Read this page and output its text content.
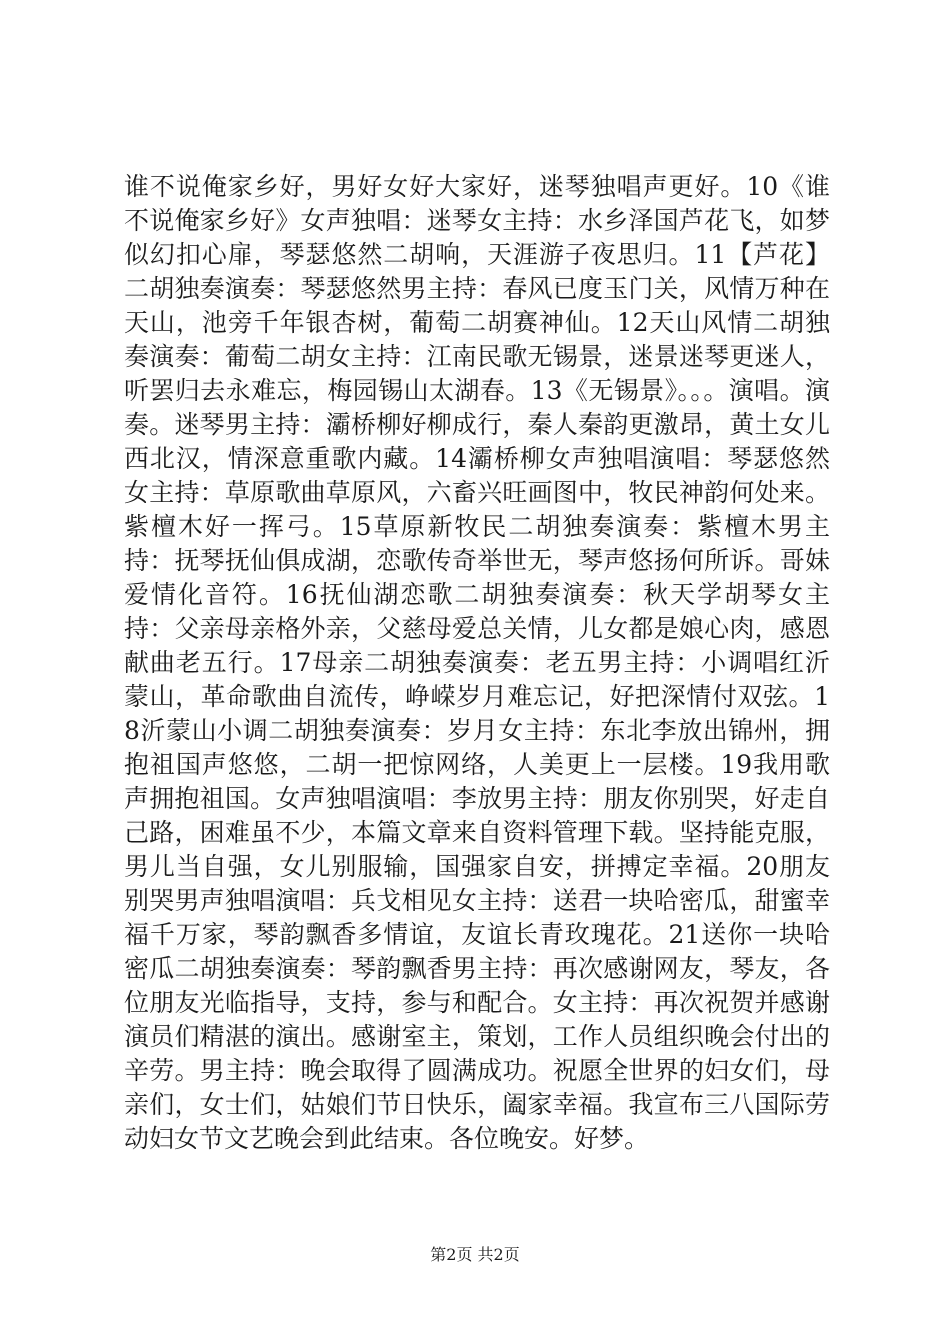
谁不说俺家乡好，男好女好大家好，迷琴独唱声更好。10《谁不说俺家乡好》女声独唱：迷琴女主持：水乡泽国芦花飞，如梦似幻扣心扉，琴瑟悠然二胡响，天涯游子夜思归。11【芦花】二胡独奏演奏：琴瑟悠然男主持：春风已度玉门关，风情万种在天山，池旁千年银杏树，葡萄二胡赛神仙。12天山风情二胡独奏演奏：葡萄二胡女主持：江南民歌无锡景，迷景迷琴更迷人，听罢归去永难忘，梅园锡山太湖春。13《无锡景》。。。演唱。演奏。迷琴男主持：灞桥柳好柳成行，秦人秦韵更激昂，黄土女儿西北汉，情深意重歌内藏。14灞桥柳女声独唱演唱：琴瑟悠然女主持：草原歌曲草原风，六畜兴旺画图中，牧民神韵何处来。紫檀木好一挥弓。15草原新牧民二胡独奏演奏：紫檀木男主持：抚琴抚仙俱成湖，恋歌传奇举世无，琴声悠扬何所诉。哥妹爱情化音符。16抚仙湖恋歌二胡独奏演奏：秋天学胡琴女主持：父亲母亲格外亲，父慈母爱总关情，儿女都是娘心肉，感恩献曲老五行。17母亲二胡独奏演奏：老五男主持：小调唱红沂蒙山，革命歌曲自流传，峥嵘岁月难忘记，好把深情付双弦。18沂蒙山小调二胡独奏演奏：岁月女主持：东北李放出锦州，拥抱祖国声悠悠，二胡一把惊网络，人美更上一层楼。19我用歌声拥抱祖国。女声独唱演唱：李放男主持：朋友你别哭，好走自己路，困难虽不少，本篇文章来自资料管理下载。坚持能克服，男儿当自强，女儿别服输，国强家自安，拼搏定幸福。20朋友别哭男声独唱演唱：兵戈相见女主持：送君一块哈密瓜，甜蜜幸福千万家，琴韵飘香多情谊，友谊长青玫瑰花。21送你一块哈密瓜二胡独奏演奏：琴韵飘香男主持：再次感谢网友，琴友，各位朋友光临指导，支持，参与和配合。女主持：再次祝贺并感谢演员们精湛的演出。感谢室主，策划，工作人员组织晚会付出的辛劳。男主持：晚会取得了圆满成功。祝愿全世界的妇女们，母亲们，女士们，姑娘们节日快乐，阖家幸福。我宣布三八国际劳动妇女节文艺晚会到此结束。各位晚安。好梦。

第2页 共2页
